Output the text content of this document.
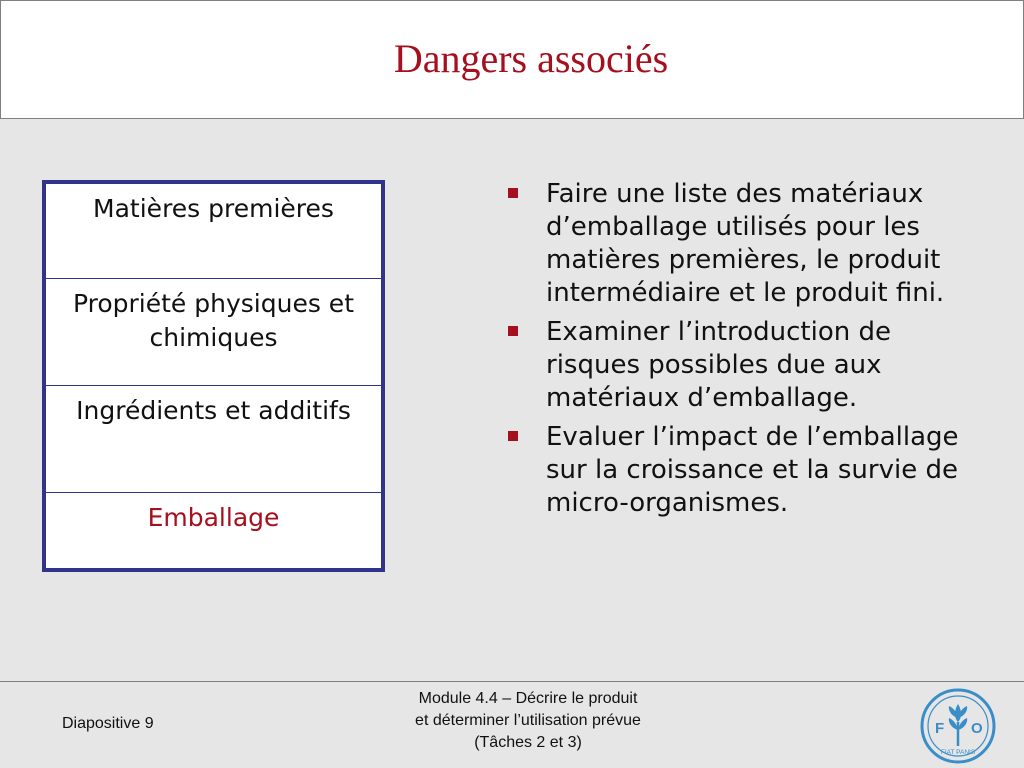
Dangers associés
Matières premières
Propriété physiques et chimiques
Ingrédients et additifs
Emballage
Faire une liste des matériaux d’emballage utilisés pour les matières premières, le produit intermédiaire et le produit fini.
Examiner l’introduction de risques possibles due aux matériaux d’emballage.
Evaluer l’impact de l’emballage sur la croissance et la survie de micro-organismes.
Diapositive 9
Module 4.4 – Décrire le produit
et déterminer l’utilisation prévue
(Tâches 2 et 3)
F O
FIAT PANIS
